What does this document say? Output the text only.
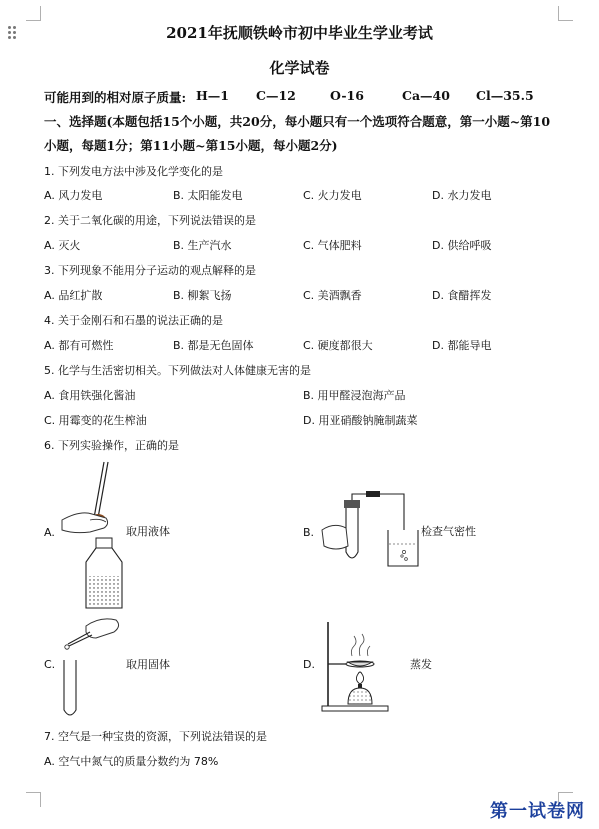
2021年抚顺铁岭市初中毕业生学业考试
化学试卷
可能用到的相对原子质量: H—1 C—12	O-16	Ca—40 Cl—35.5
一、选择题(本题包括15个小题，共20分，每小题只有一个选项符合题意，第一小题~第10
小题，每题1分；第11小题~第15小题，每小题2分)
1. 下列发电方法中涉及化学变化的是
A. 风力发电	B. 太阳能发电	C. 火力发电	D. 水力发电
2. 关于二氧化碳的用途，下列说法错误的是
A. 灭火	B. 生产汽水	C. 气体肥料	D. 供给呼吸
3. 下列现象不能用分子运动的观点解释的是
A. 品红扩散	B. 柳絮飞扬	C. 美酒飘香	D. 食醋挥发
4. 关于金刚石和石墨的说法正确的是
A. 都有可燃性	B. 都是无色固体	C. 硬度都很大	D. 都能导电
5. 化学与生活密切相关。下列做法对人体健康无害的是
A. 食用铁强化酱油	B. 用甲醛浸泡海产品
C. 用霉变的花生榨油	D. 用亚硝酸钠腌制蔬菜
6. 下列实验操作，正确的是
A.	取用液体	B.	检查气密性
C.	取用固体	D.	蒸发
7. 空气是一种宝贵的资源，下列说法错误的是
A. 空气中氮气的质量分数约为 78%
第一试卷网
